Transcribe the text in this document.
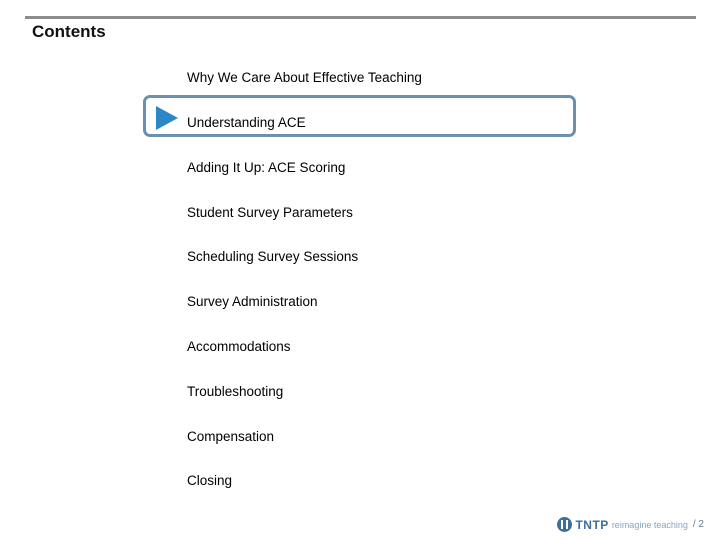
Contents
Why We Care About Effective Teaching
Understanding ACE
Adding It Up: ACE Scoring
Student Survey Parameters
Scheduling Survey Sessions
Survey Administration
Accommodations
Troubleshooting
Compensation
Closing
TNTP reimagine teaching / 2
